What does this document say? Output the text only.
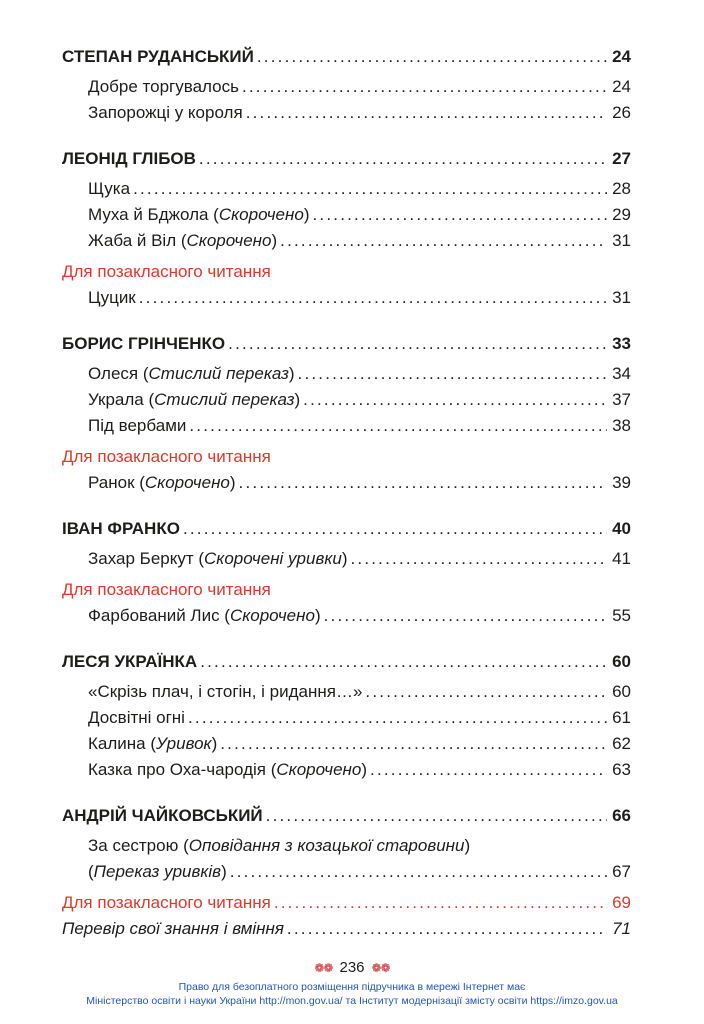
СТЕПАН РУДАНСЬКИЙ .....	24
Добре торгувалось .....	24
Запорожці у короля .....	26
ЛЕОНІД ГЛІБОВ .....	27
Щука .....	28
Муха й Бджола (Скорочено) .....	29
Жаба й Віл (Скорочено) .....	31
Для позакласного читання
Цуцик .....	31
БОРИС ГРІНЧЕНКО .....	33
Олеся (Стислий переказ) .....	34
Украла (Стислий переказ) .....	37
Під вербами .....	38
Для позакласного читання
Ранок (Скорочено) .....	39
ІВАН ФРАНКО .....	40
Захар Беркут (Скорочені уривки) .....	41
Для позакласного читання
Фарбований Лис (Скорочено) .....	55
ЛЕСЯ УКРАЇНКА .....	60
«Скрізь плач, і стогін, і ридання…» .....	60
Досвітні огні .....	61
Калина (Уривок) .....	62
Казка про Оха-чародія (Скорочено) .....	63
АНДРІЙ ЧАЙКОВСЬКИЙ .....	66
За сестрою (Оповідання з козацької старовини)
(Переказ уривків) .....	67
Для позакласного читання .....	69
Перевір свої знання і вміння .....	71
❁❁ 236 ❁❁
Право для безоплатного розміщення підручника в мережі Інтернет має
Міністерство освіти і науки України http://mon.gov.ua/ та Інститут модернізації змісту освіти https://imzo.gov.ua
